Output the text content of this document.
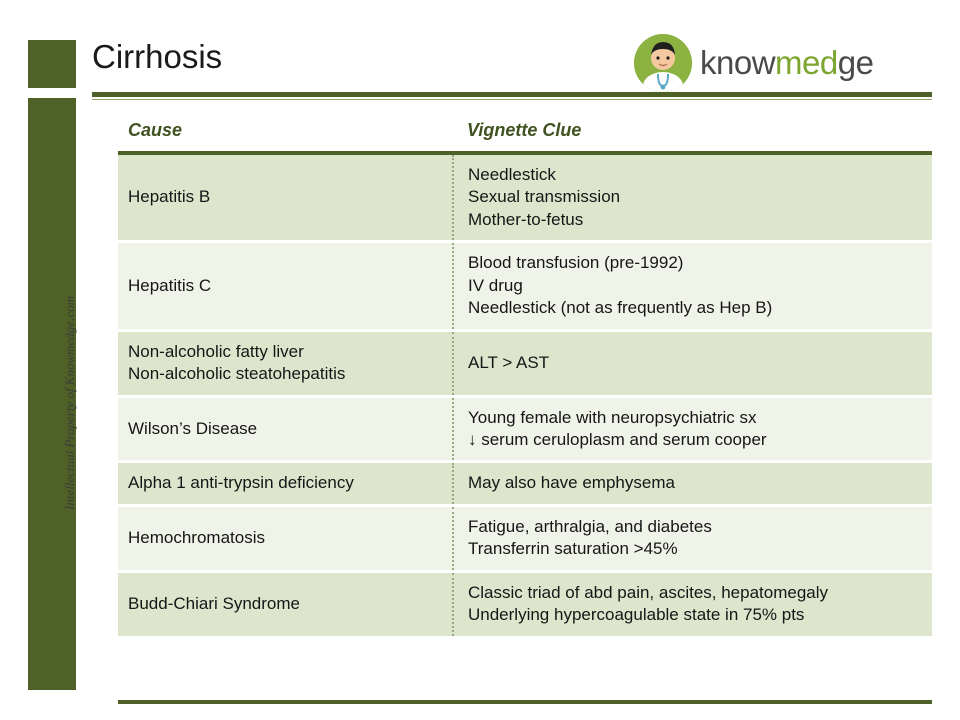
Intellectual Property of Knowmedge.com
Cirrhosis	knowmedge
Cause	Vignette Clue

Hepatitis B	Needlestick
Sexual transmission
Mother-to-fetus

Hepatitis C	Blood transfusion (pre-1992)
IV drug
Needlestick (not as frequently as Hep B)

Non-alcoholic fatty liver
Non-alcoholic steatohepatitis	ALT > AST

Wilson’s Disease	Young female with neuropsychiatric sx
↓ serum ceruloplasm and serum cooper

Alpha 1 anti-trypsin deficiency	May also have emphysema

Hemochromatosis	Fatigue, arthralgia, and diabetes
Transferrin saturation >45%

Budd-Chiari Syndrome	Classic triad of abd pain, ascites, hepatomegaly
Underlying hypercoagulable state in 75% pts
